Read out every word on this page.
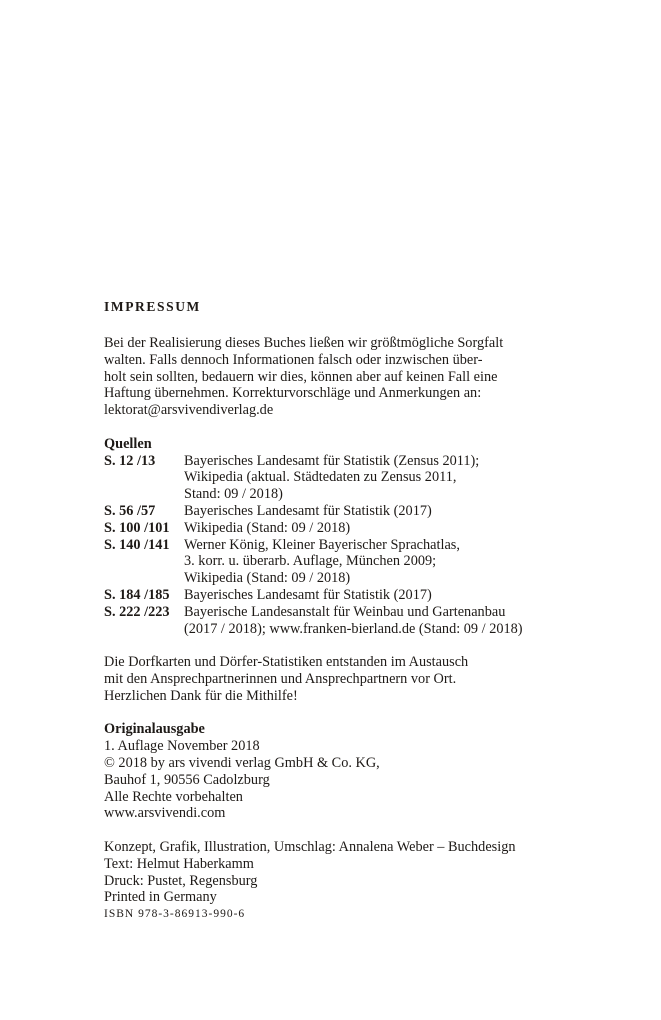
IMPRESSUM
Bei der Realisierung dieses Buches ließen wir größtmögliche Sorgfalt
walten. Falls dennoch Informationen falsch oder inzwischen über-
holt sein sollten, bedauern wir dies, können aber auf keinen Fall eine
Haftung übernehmen. Korrekturvorschläge und Anmerkungen an:
lektorat@arsvivendiverlag.de
Quellen
S. 12 /13	Bayerisches Landesamt für Statistik (Zensus 2011);
Wikipedia (aktual. Städtedaten zu Zensus 2011,
Stand: 09 / 2018)
S. 56 /57	Bayerisches Landesamt für Statistik (2017)
S. 100 /101	Wikipedia (Stand: 09 / 2018)
S. 140 /141	Werner König, Kleiner Bayerischer Sprachatlas,
3. korr. u. überarb. Auflage, München 2009;
Wikipedia (Stand: 09 / 2018)
S. 184 /185	Bayerisches Landesamt für Statistik (2017)
S. 222 /223	Bayerische Landesanstalt für Weinbau und Gartenanbau
(2017 / 2018); www.franken-bierland.de (Stand: 09 / 2018)
Die Dorfkarten und Dörfer-Statistiken entstanden im Austausch
mit den Ansprechpartnerinnen und Ansprechpartnern vor Ort.
Herzlichen Dank für die Mithilfe!
Originalausgabe
1. Auflage November 2018
© 2018 by ars vivendi verlag GmbH & Co. KG,
Bauhof 1, 90556 Cadolzburg
Alle Rechte vorbehalten
www.arsvivendi.com
Konzept, Grafik, Illustration, Umschlag: Annalena Weber – Buchdesign
Text: Helmut Haberkamm
Druck: Pustet, Regensburg
Printed in Germany
ISBN 978-3-86913-990-6
